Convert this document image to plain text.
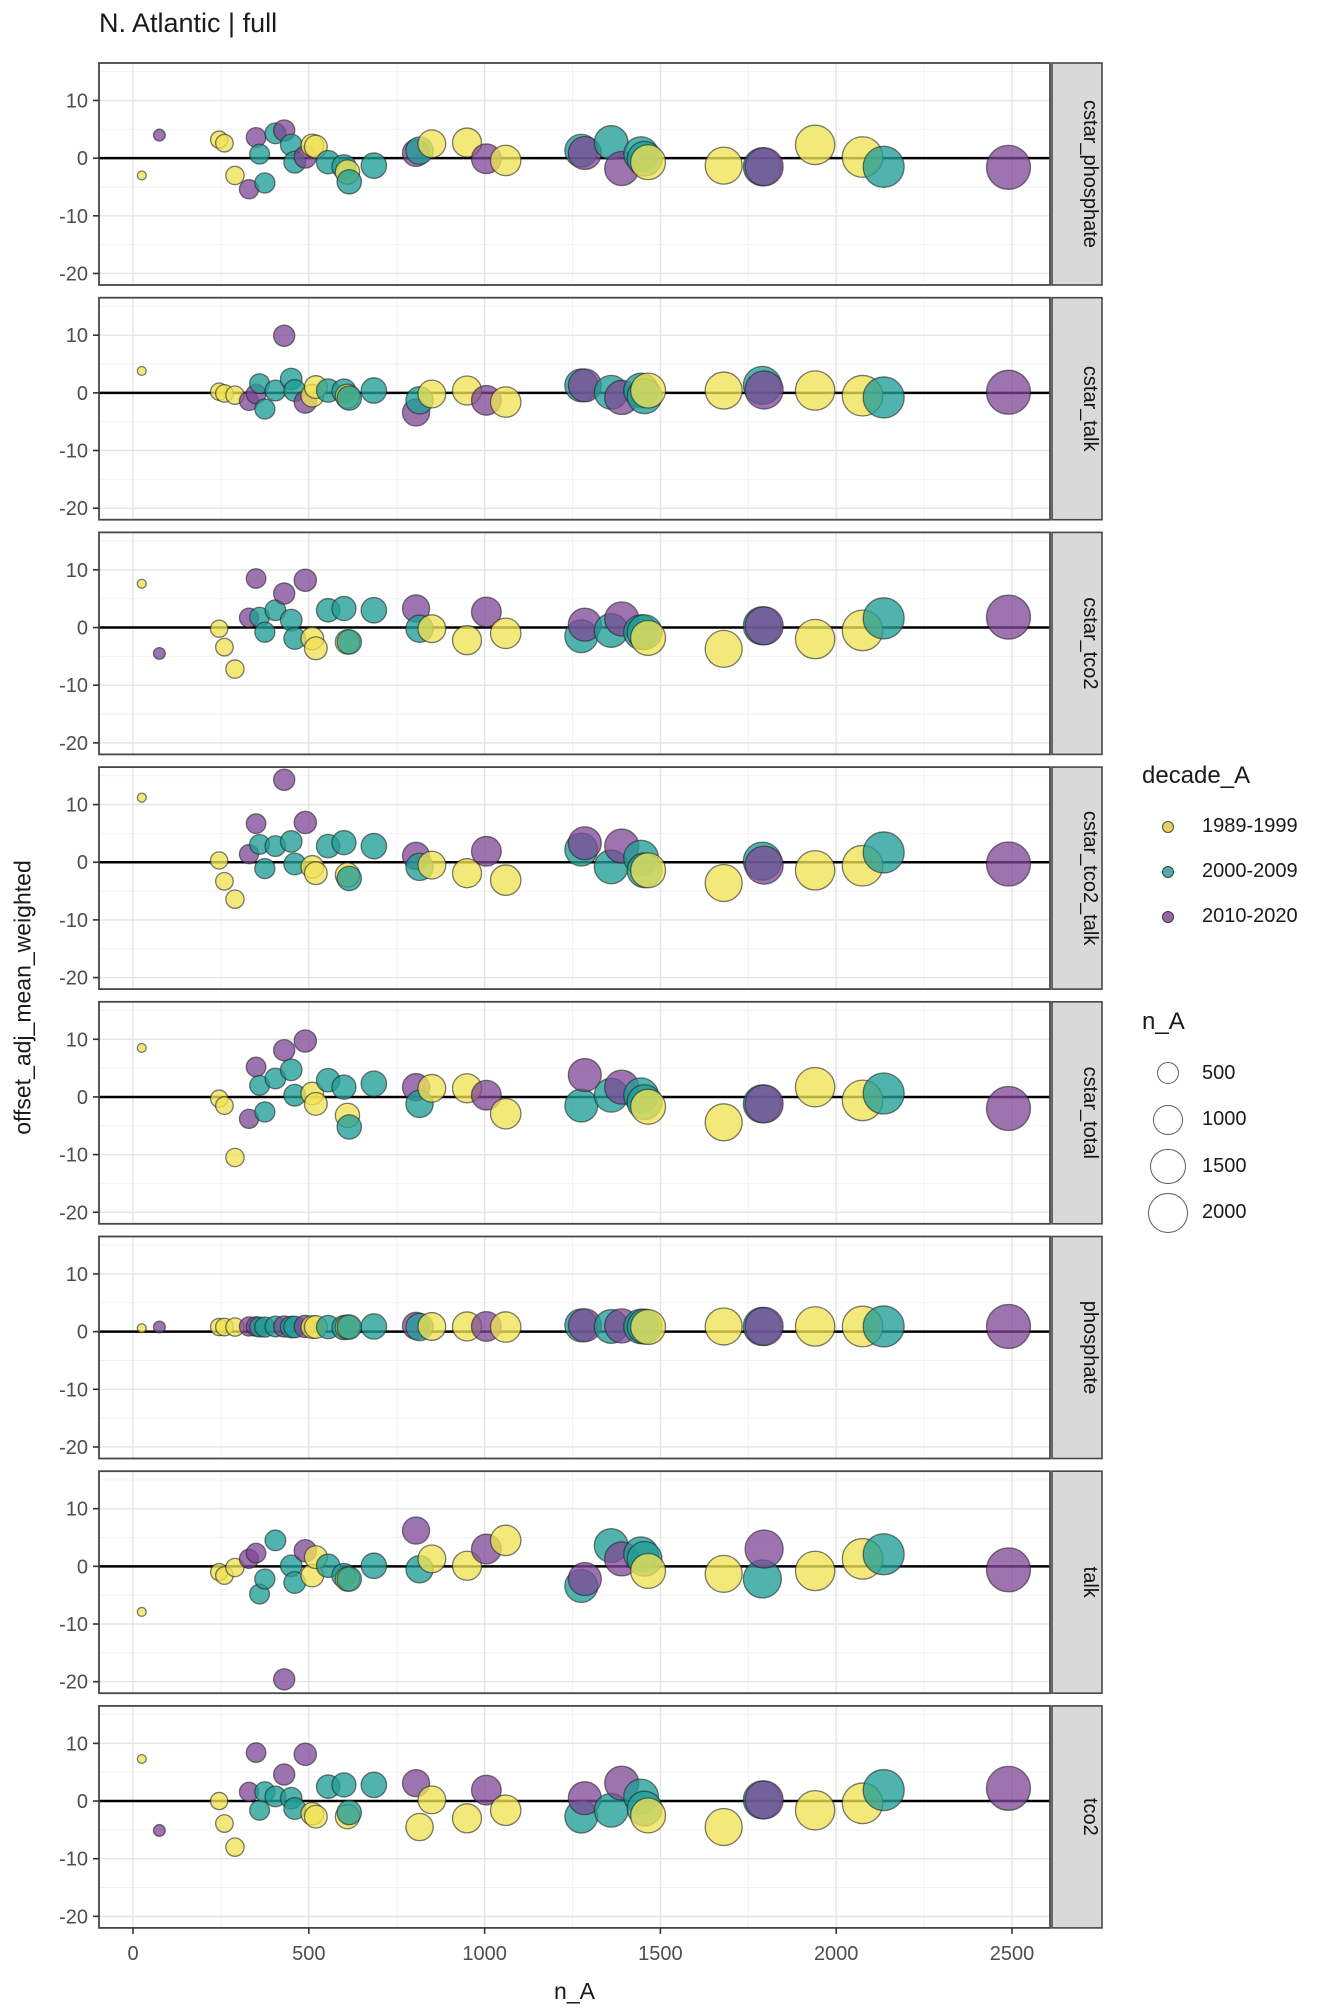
N. Atlantic | full
offset_adj_mean_weighted
cstar_phosphate
10
0
-10
-20
cstar_talk
10
0
-10
-20
cstar_tco2
10
0
-10
-20
cstar_tco2_talk
10
0
-10
-20
cstar_total
10
0
-10
-20
phosphate
10
0
-10
-20
talk
10
0
-10
-20
tco2
10
0
-10
-20
0	500	1000	1500	2000	2500
n_A
decade_A
1989-1999
2000-2009
2010-2020
n_A
500
1000
1500
2000
